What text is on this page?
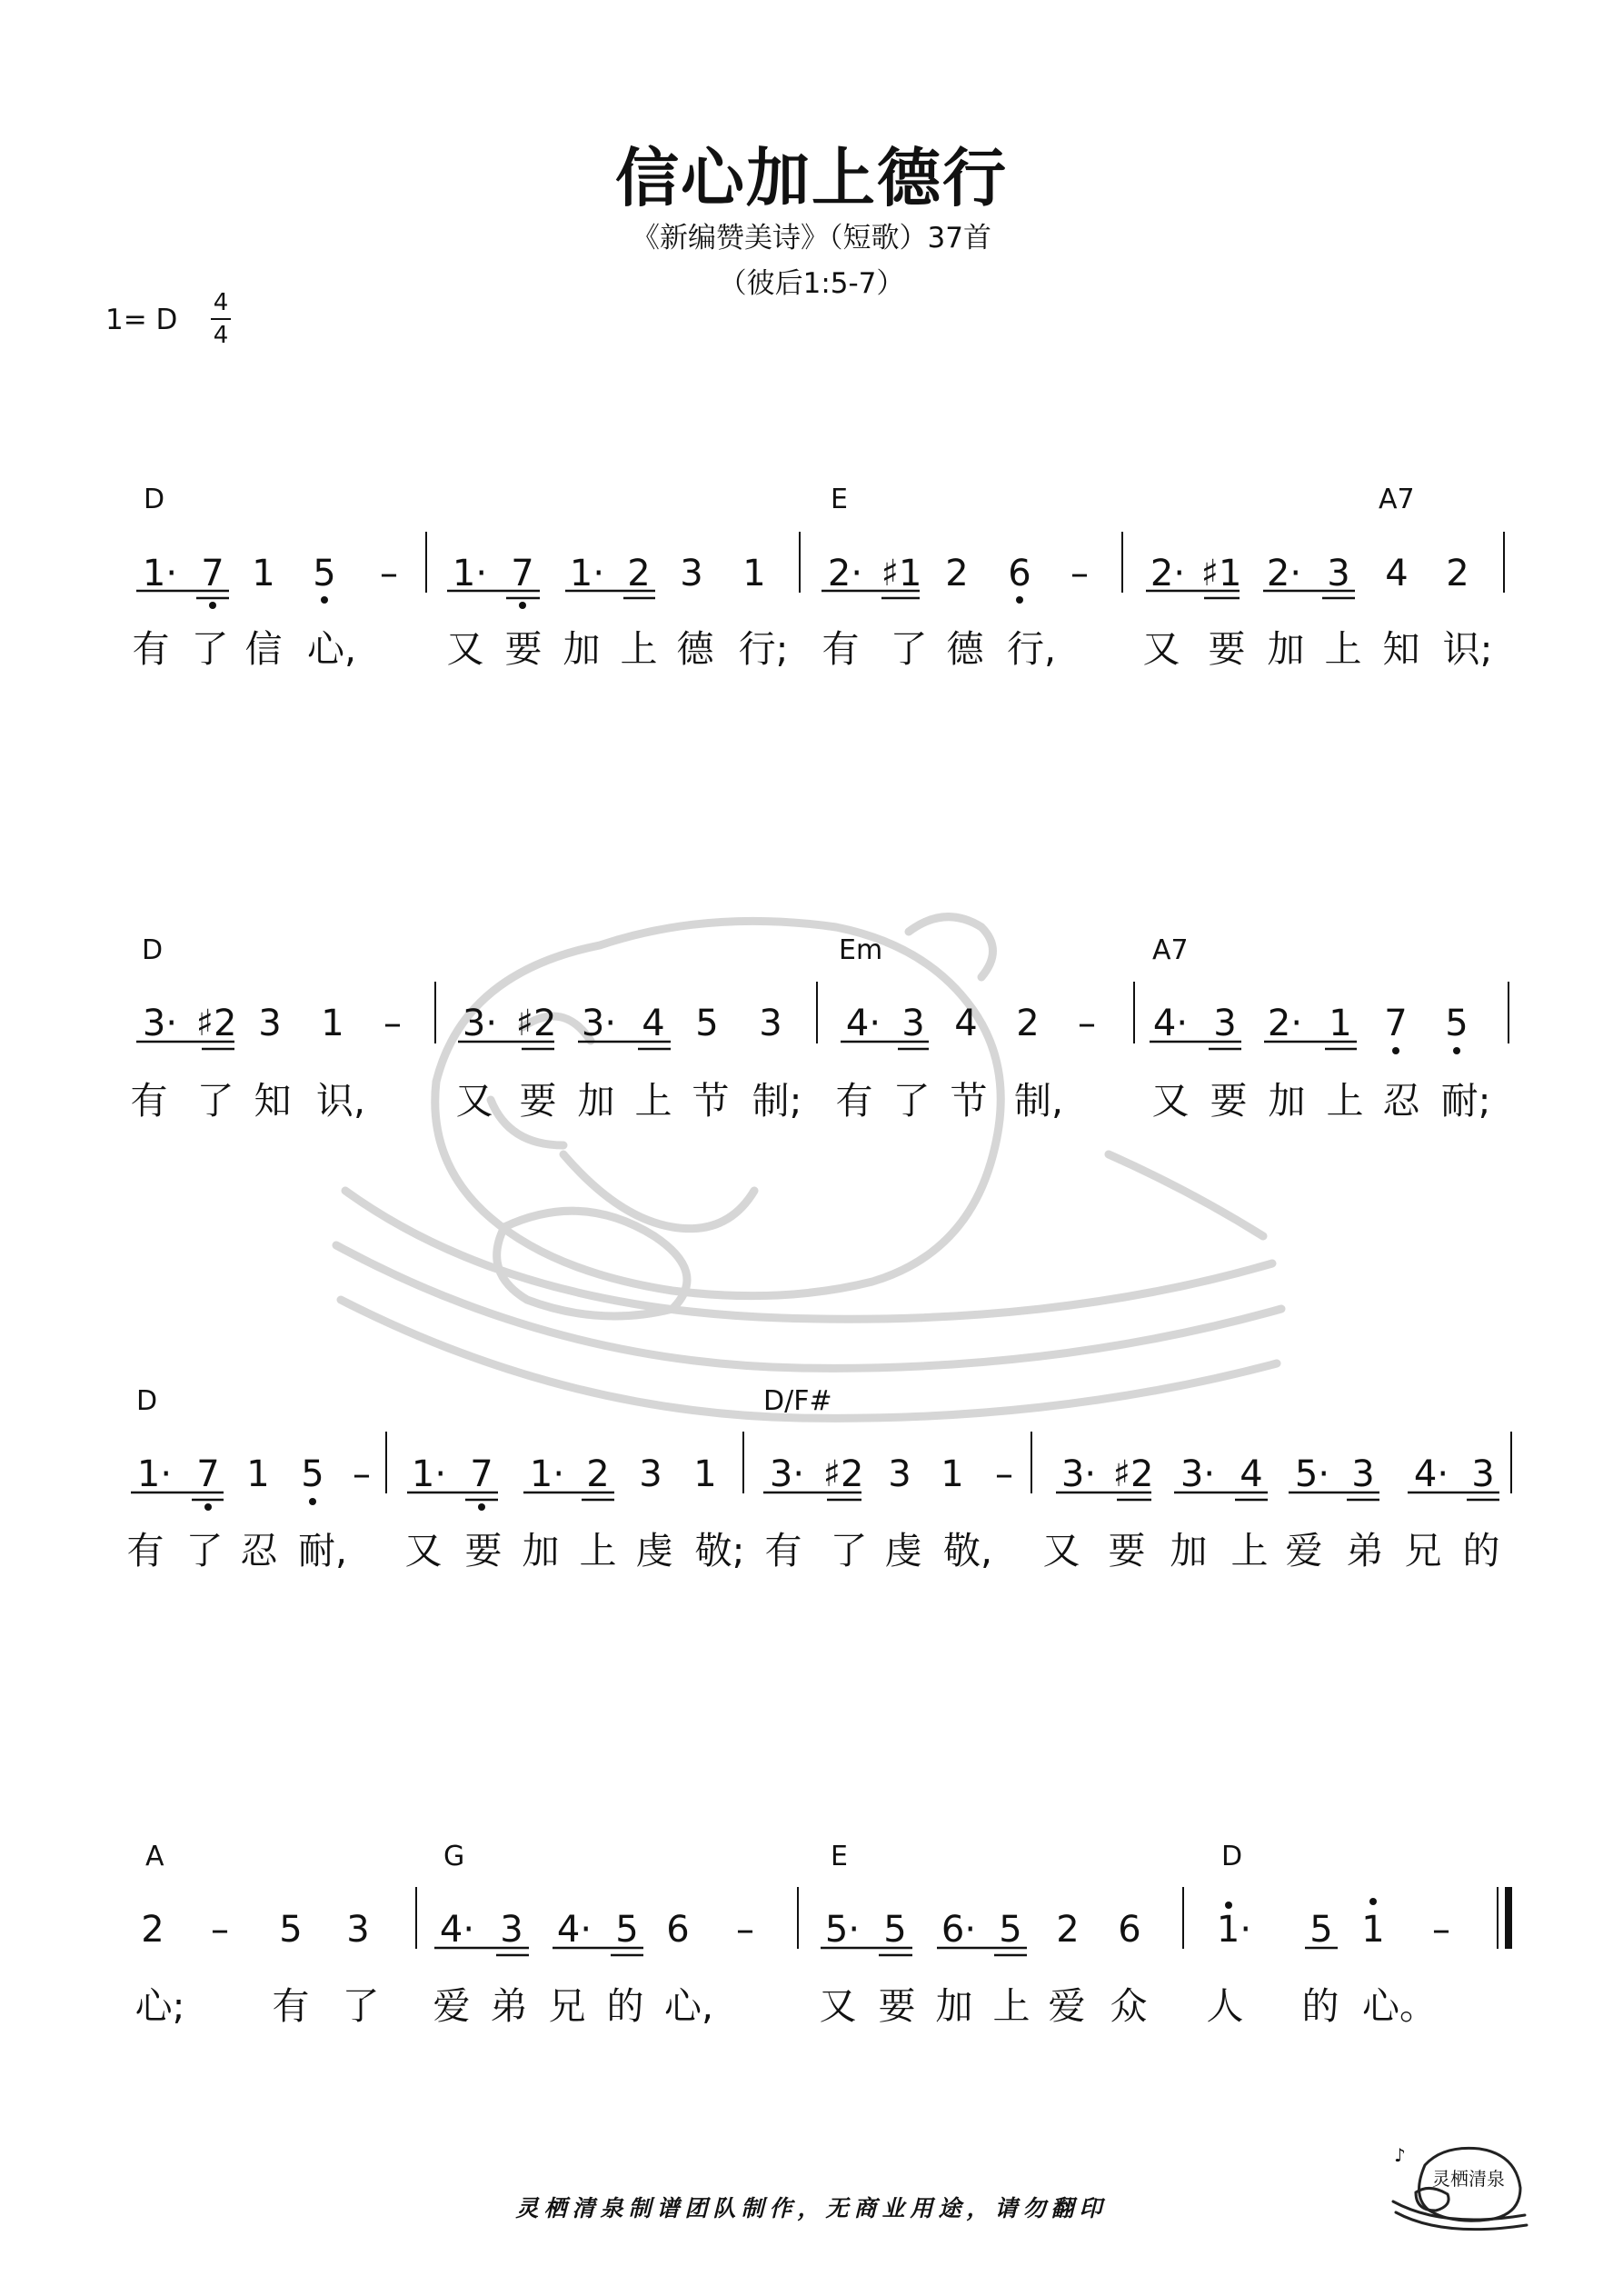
信心加上德行
《新编赞美诗》（短歌）37首
（彼后1:5-7）
1= D
4
4
D	E	A7
1· 7 1 5 – 1· 7 1· 2 3 1 2· ♯1 2 6 – 2· ♯1 2· 3 4 2
有 了 信 心, 又 要 加 上 德 行; 有 了 德 行, 又 要 加 上 知 识;
D	Em	A7
3· ♯2 3 1 – 3· ♯2 3· 4 5 3 4· 3 4 2 – 4· 3 2· 1 7 5
有 了 知 识, 又 要 加 上 节 制; 有 了 节 制, 又 要 加 上 忍 耐;
D	D/F#
1· 7 1 5 – 1· 7 1· 2 3 1 3· ♯2 3 1 – 3· ♯2 3· 4 5· 3 4· 3
有 了 忍 耐, 又 要 加 上 虔 敬; 有 了 虔 敬, 又 要 加 上 爱 弟 兄 的
A	G	E	D
2 – 5 3 4· 3 4· 5 6 – 5· 5 6· 5 2 6 1· 5 1 –
心; 有 了 爱 弟 兄 的 心,	又 要 加 上 爱 众 人 的 心。
灵栖清泉制谱团队制作，无商业用途，请勿翻印
灵栖清泉
♪
